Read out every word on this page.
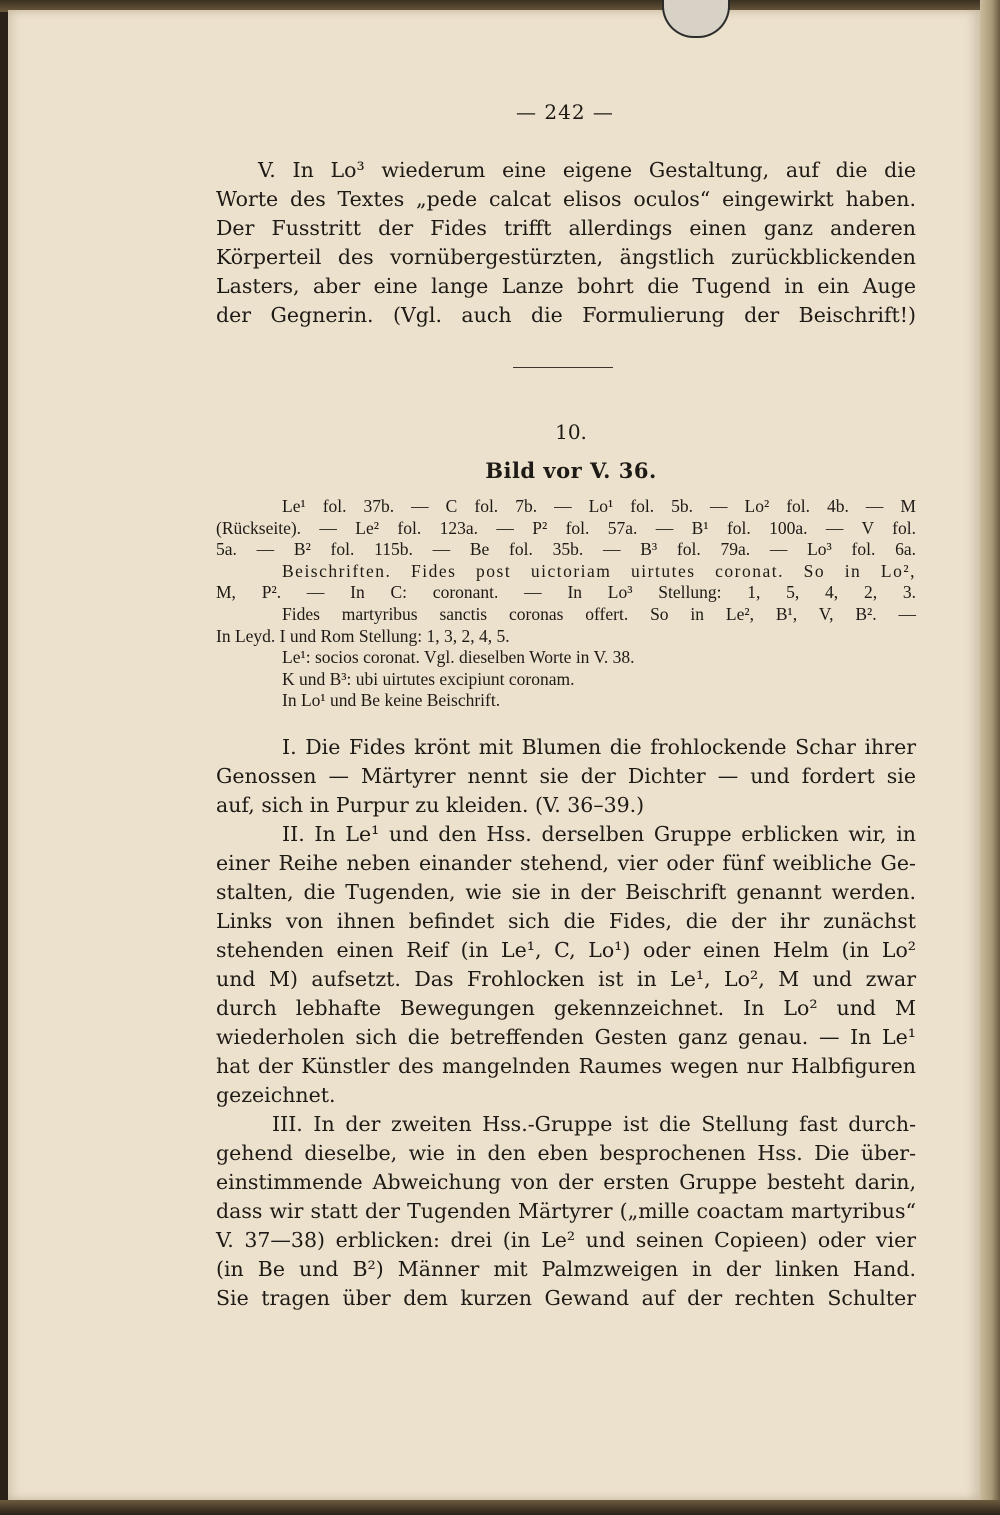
— 242 —
V. In Lo³ wiederum eine eigene Gestaltung, auf die die
Worte des Textes „pede calcat elisos oculos“ eingewirkt haben.
Der Fusstritt der Fides trifft allerdings einen ganz anderen
Körperteil des vornübergestürzten, ängstlich zurückblickenden
Lasters, aber eine lange Lanze bohrt die Tugend in ein Auge
der Gegnerin. (Vgl. auch die Formulierung der Beischrift!)
10.
Bild vor V. 36.
Le¹ fol. 37b. — C fol. 7b. — Lo¹ fol. 5b. — Lo² fol. 4b. — M
(Rückseite). — Le² fol. 123a. — P² fol. 57a. — B¹ fol. 100a. — V fol.
5a. — B² fol. 115b. — Be fol. 35b. — B³ fol. 79a. — Lo³ fol. 6a.
Beischriften. Fides post uictoriam uirtutes coronat. So in Lo²,
M, P². — In C: coronant. — In Lo³ Stellung: 1, 5, 4, 2, 3.
Fides martyribus sanctis coronas offert. So in Le², B¹, V, B². —
In Leyd. I und Rom Stellung: 1, 3, 2, 4, 5.
Le¹: socios coronat. Vgl. dieselben Worte in V. 38.
K und B³: ubi uirtutes excipiunt coronam.
In Lo¹ und Be keine Beischrift.
I. Die Fides krönt mit Blumen die frohlockende Schar ihrer
Genossen — Märtyrer nennt sie der Dichter — und fordert sie
auf, sich in Purpur zu kleiden. (V. 36–39.)
II. In Le¹ und den Hss. derselben Gruppe erblicken wir, in
einer Reihe neben einander stehend, vier oder fünf weibliche Ge-
stalten, die Tugenden, wie sie in der Beischrift genannt werden.
Links von ihnen befindet sich die Fides, die der ihr zunächst
stehenden einen Reif (in Le¹, C, Lo¹) oder einen Helm (in Lo²
und M) aufsetzt. Das Frohlocken ist in Le¹, Lo², M und zwar
durch lebhafte Bewegungen gekennzeichnet. In Lo² und M
wiederholen sich die betreffenden Gesten ganz genau. — In Le¹
hat der Künstler des mangelnden Raumes wegen nur Halbfiguren
gezeichnet.
III. In der zweiten Hss.-Gruppe ist die Stellung fast durch-
gehend dieselbe, wie in den eben besprochenen Hss. Die über-
einstimmende Abweichung von der ersten Gruppe besteht darin,
dass wir statt der Tugenden Märtyrer („mille coactam martyribus“
V. 37—38) erblicken: drei (in Le² und seinen Copieen) oder vier
(in Be und B²) Männer mit Palmzweigen in der linken Hand.
Sie tragen über dem kurzen Gewand auf der rechten Schulter
